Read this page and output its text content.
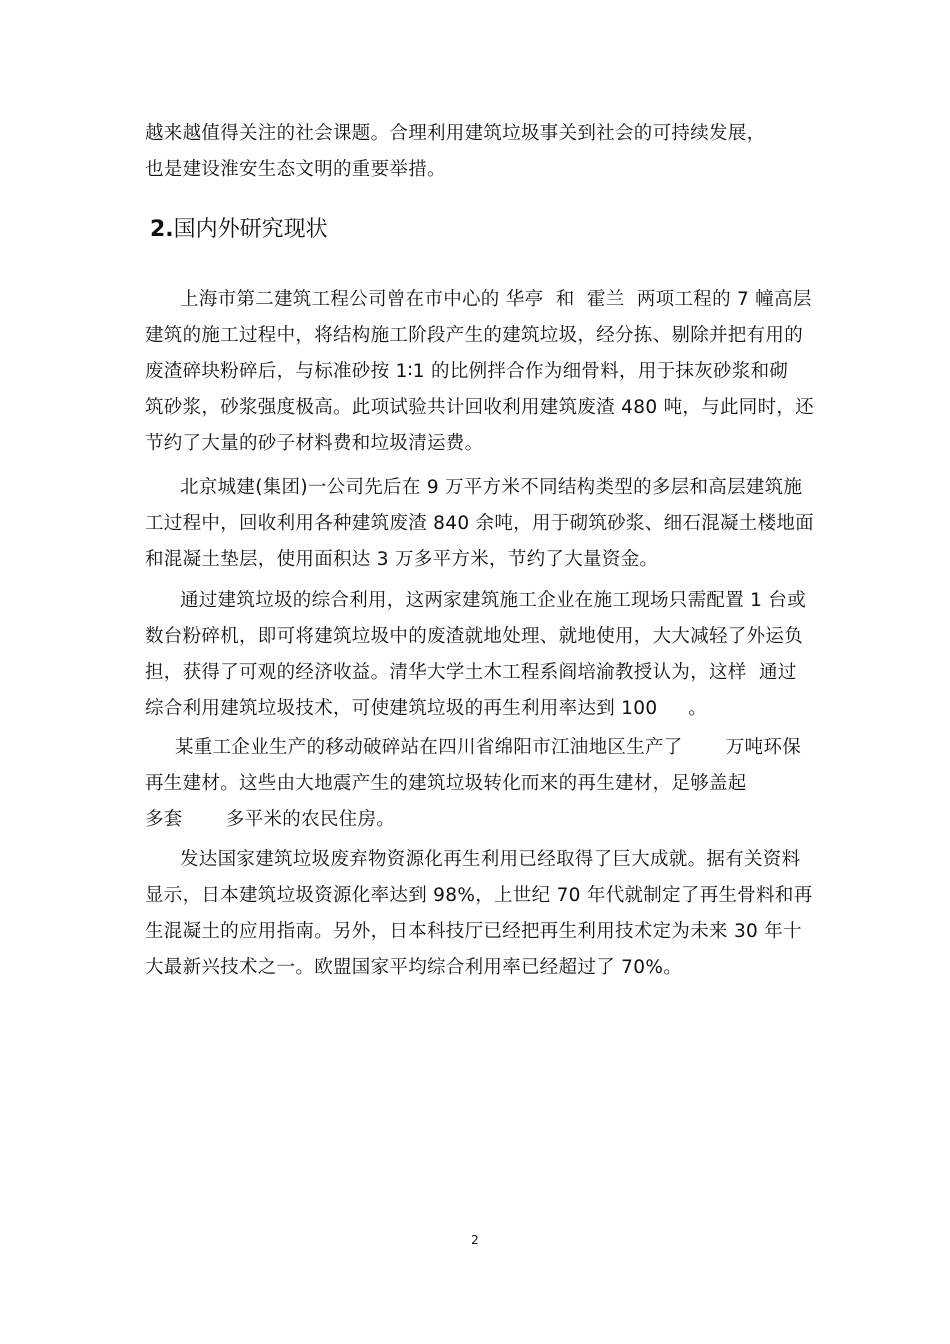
越来越值得关注的社会课题。合理利用建筑垃圾事关到社会的可持续发展，
也是建设淮安生态文明的重要举措。
2.国内外研究现状
上海市第二建筑工程公司曾在市中心的 华亭  和  霍兰  两项工程的 7 幢高层
建筑的施工过程中，将结构施工阶段产生的建筑垃圾，经分拣、剔除并把有用的
废渣碎块粉碎后，与标准砂按 1∶1 的比例拌合作为细骨料，用于抹灰砂浆和砌
筑砂浆，砂浆强度极高。此项试验共计回收利用建筑废渣 480 吨，与此同时，还
节约了大量的砂子材料费和垃圾清运费。
北京城建(集团)一公司先后在 9 万平方米不同结构类型的多层和高层建筑施
工过程中，回收利用各种建筑废渣 840 余吨，用于砌筑砂浆、细石混凝土楼地面
和混凝土垫层，使用面积达 3 万多平方米，节约了大量资金。
通过建筑垃圾的综合利用，这两家建筑施工企业在施工现场只需配置 1 台或
数台粉碎机，即可将建筑垃圾中的废渣就地处理、就地使用，大大减轻了外运负
担，获得了可观的经济收益。清华大学土木工程系阎培渝教授认为，这样  通过
综合利用建筑垃圾技术，可使建筑垃圾的再生利用率达到 100     。
某重工企业生产的移动破碎站在四川省绵阳市江油地区生产了       万吨环保
再生建材。这些由大地震产生的建筑垃圾转化而来的再生建材，足够盖起
多套       多平米的农民住房。
发达国家建筑垃圾废弃物资源化再生利用已经取得了巨大成就。据有关资料
显示，日本建筑垃圾资源化率达到 98%，上世纪 70 年代就制定了再生骨料和再
生混凝土的应用指南。另外，日本科技厅已经把再生利用技术定为未来 30 年十
大最新兴技术之一。欧盟国家平均综合利用率已经超过了 70%。
2
